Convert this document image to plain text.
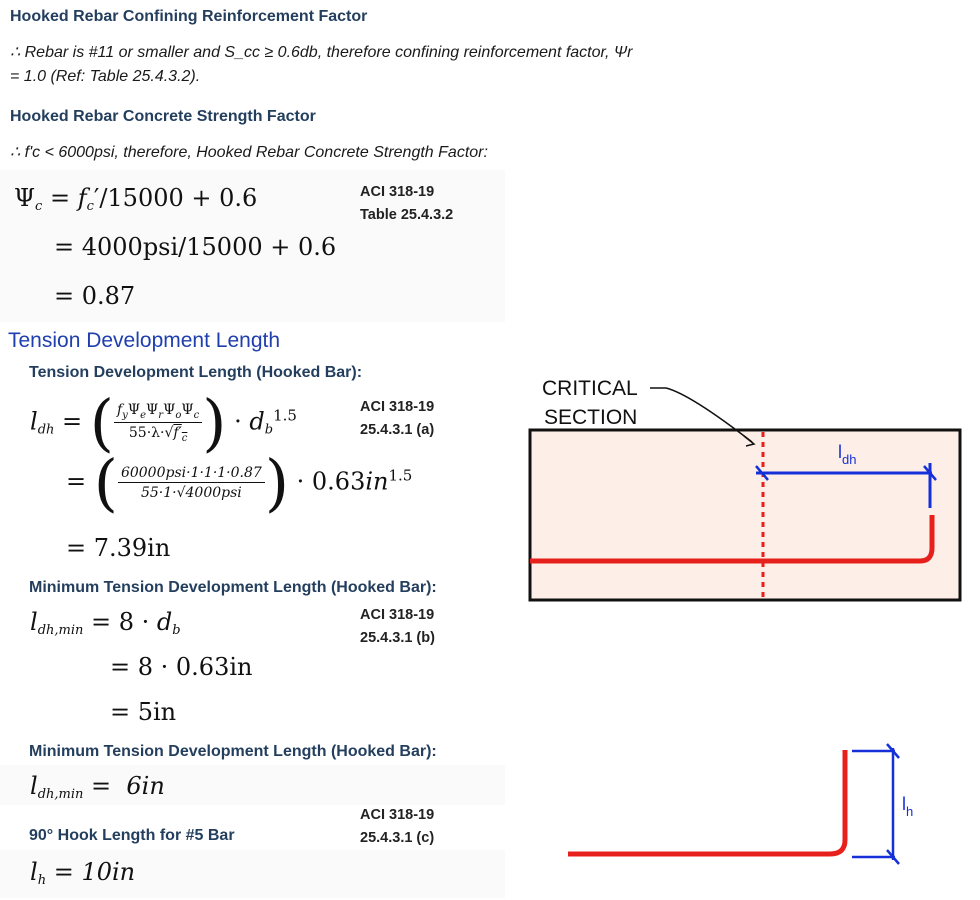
Hooked Rebar Confining Reinforcement Factor
∴ Rebar is #11 or smaller and S_cc ≥ 0.6db, therefore confining reinforcement factor, Ψr
= 1.0 (Ref: Table 25.4.3.2).
Hooked Rebar Concrete Strength Factor
∴ f'c < 6000psi, therefore, Hooked Rebar Concrete Strength Factor:
$\Psi_c = f_c'/15000 + 0.6$
= 4000psi/15000 + 0.6
= 0.87
ACI 318-19
Table 25.4.3.2
Tension Development Length
Tension Development Length (Hooked Bar):
$l_{dh}$ = ( $\frac{f_y\Psi_e\Psi_r\Psi_o\Psi_c}{55\cdot\lambda\cdot√f'_c}$ ) · $d_b^{1.5}$	ACI 318-19
25.4.3.1 (a)
= ( $\frac{\text{60000psi·1·1·1·0.87}}{\text{55·1·√4000psi}}$ ) · $0.63in^{1.5}$
= 7.39in
Minimum Tension Development Length (Hooked Bar):
$l_{dh,min} = 8 \cdot d_b$
= 8 · 0.63in
= 5in
ACI 318-19
25.4.3.1 (b)
Minimum Tension Development Length (Hooked Bar):
$l_{dh,min} = 6in$
90° Hook Length for #5 Bar
ACI 318-19
25.4.3.1 (c)
$l_h = 10in$
CRITICAL
SECTION
$l_{dh}$
$l_h$
